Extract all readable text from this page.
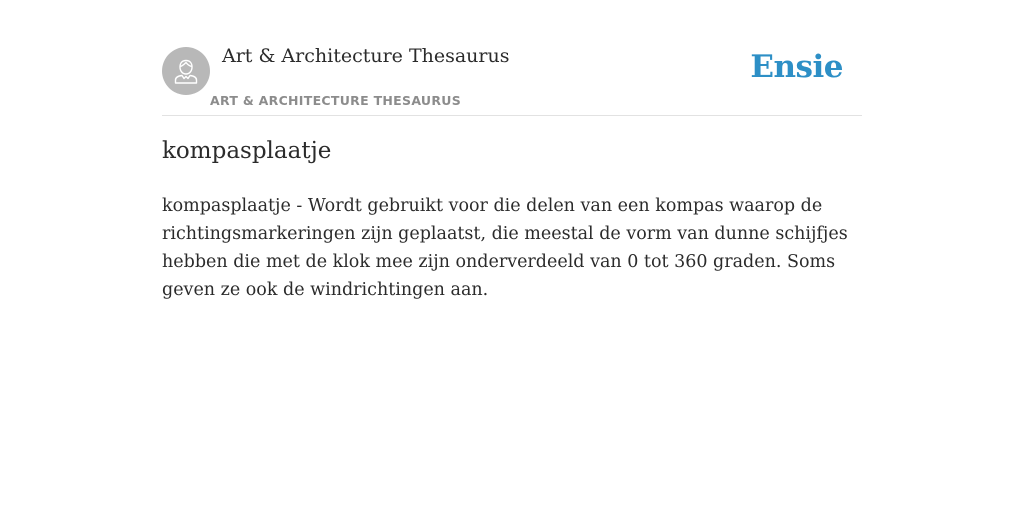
Art & Architecture Thesaurus
ART & ARCHITECTURE THESAURUS
Ensie
kompasplaatje

kompasplaatje - Wordt gebruikt voor die delen van een kompas waarop de richtingsmarkeringen zijn geplaatst, die meestal de vorm van dunne schijfjes hebben die met de klok mee zijn onderverdeeld van 0 tot 360 graden. Soms geven ze ook de windrichtingen aan.
